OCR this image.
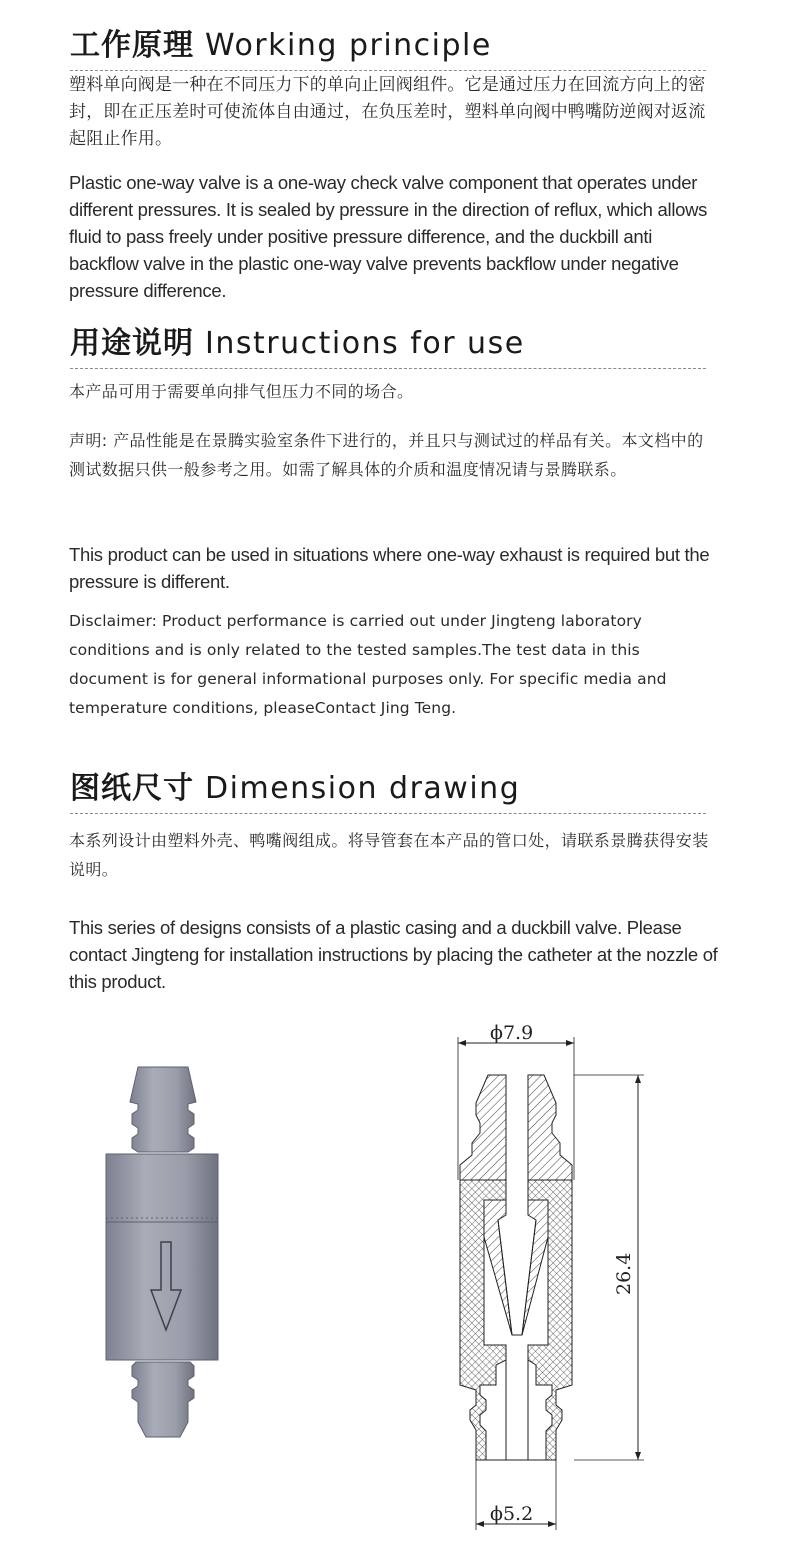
工作原理 Working principle

塑料单向阀是一种在不同压力下的单向止回阀组件。它是通过压力在回流方向上的密封，即在正压差时可使流体自由通过，在负压差时，塑料单向阀中鸭嘴防逆阀对返流起阻止作用。

Plastic one-way valve is a one-way check valve component that operates under different pressures. It is sealed by pressure in the direction of reflux, which allows fluid to pass freely under positive pressure difference, and the duckbill anti backflow valve in the plastic one-way valve prevents backflow under negative pressure difference.

用途说明 Instructions for use

本产品可用于需要单向排气但压力不同的场合。

声明: 产品性能是在景腾实验室条件下进行的，并且只与测试过的样品有关。本文档中的测试数据只供一般参考之用。如需了解具体的介质和温度情况请与景腾联系。

This product can be used in situations where one-way exhaust is required but the pressure is different.

Disclaimer: Product performance is carried out under Jingteng laboratory conditions and is only related to the tested samples.The test data in this document is for general informational purposes only. For specific media and temperature conditions, pleaseContact Jing Teng.

图纸尺寸 Dimension drawing

本系列设计由塑料外壳、鸭嘴阀组成。将导管套在本产品的管口处，请联系景腾获得安装说明。

This series of designs consists of a plastic casing and a duckbill valve. Please contact Jingteng for installation instructions by placing the catheter at the nozzle of this product.

ϕ7.9
26.4
ϕ5.2
